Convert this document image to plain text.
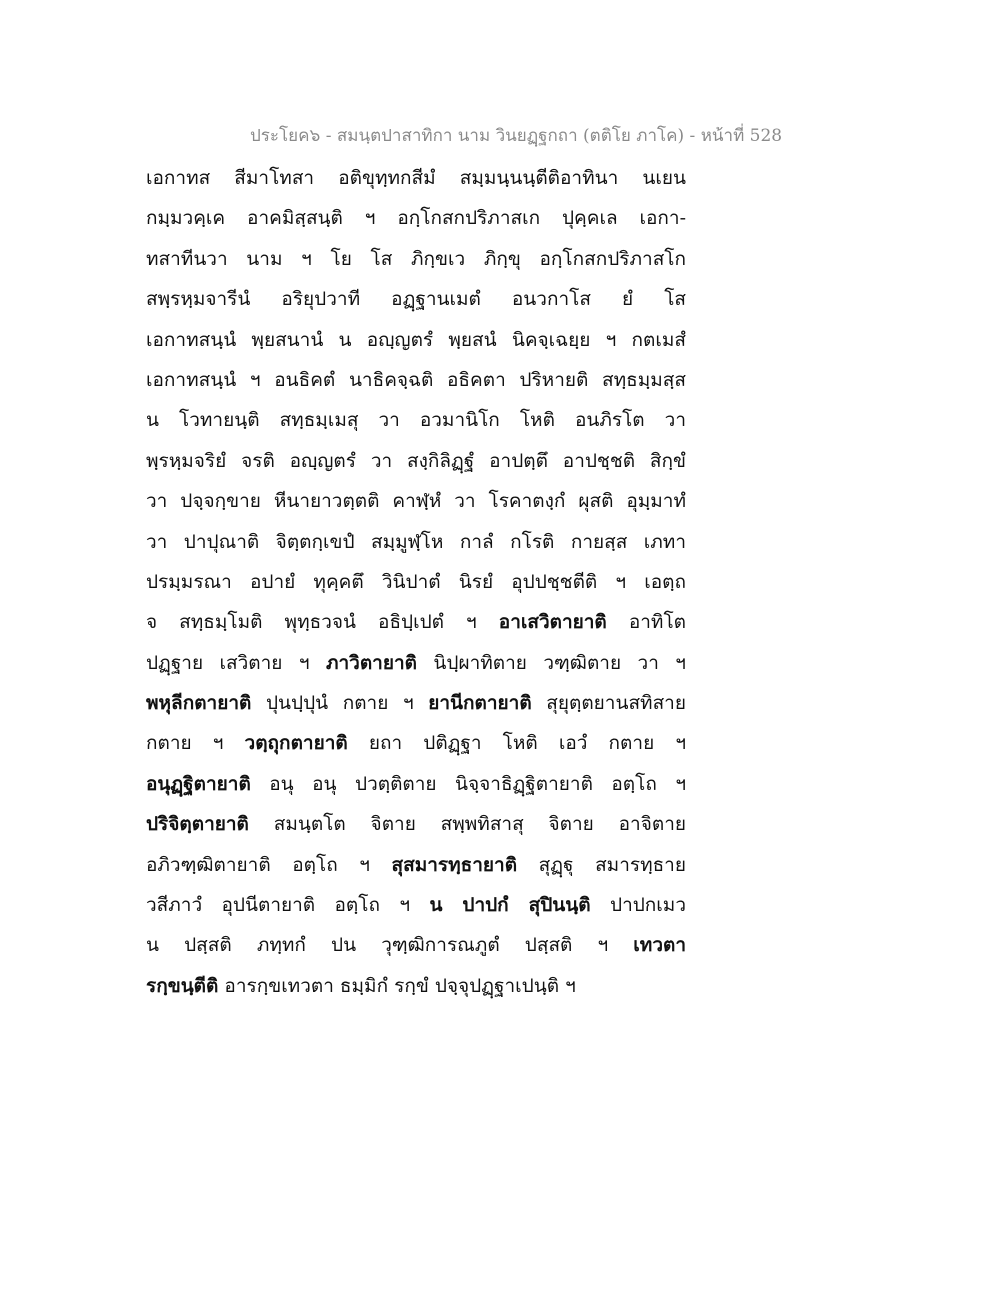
ประโยค๖ - สมนฺตปาสาทิกา นาม วินยฏฺฐกถา (ตติโย ภาโค) - หน้าที่ 528
เอกาทส สีมาโทสา อติขุทฺทกสีมํ สมฺมนฺนนฺตีติอาทินา นเยน
กมฺมวคฺเค อาคมิสฺสนฺติ ฯ อกฺโกสกปริภาสเก ปุคฺคเล เอกา-
ทสาทีนวา นาม ฯ โย โส ภิกฺขเว ภิกฺขุ อกฺโกสกปริภาสโก
สพฺรหฺมจารีนํ อริยุปวาที อฏฺฐานเมตํ อนวกาโส ยํ โส
เอกาทสนฺนํ พฺยสนานํ น อญฺญตรํ พฺยสนํ นิคจฺเฉยฺย ฯ กตเมสํ
เอกาทสนฺนํ ฯ อนธิคตํ นาธิคจฺฉติ อธิคตา ปริหายติ สทฺธมฺมสฺส
น โวทายนฺติ สทฺธมฺเมสุ วา อวมานิโก โหติ อนภิรโต วา
พฺรหฺมจริยํ จรติ อญฺญตรํ วา สงฺกิลิฏฺฐํ อาปตฺตึ อาปชฺชติ สิกฺขํ
วา ปจฺจกฺขาย หีนายาวตฺตติ คาฬฺหํ วา โรคาตงฺกํ ผุสติ อุมฺมาทํ
วา ปาปุณาติ จิตฺตกฺเขปํ สมฺมูฬฺโห กาลํ กโรติ กายสฺส เภทา
ปรมฺมรณา อปายํ ทุคฺคตึ วินิปาตํ นิรยํ อุปปชฺชตีติ ฯ เอตฺถ
จ สทฺธมฺโมติ พุทฺธวจนํ อธิปฺเปตํ ฯ อาเสวิตายาติ อาทิโต
ปฏฺฐาย เสวิตาย ฯ ภาวิตายาติ นิปฺผาทิตาย วฑฺฒิตาย วา ฯ
พหุลีกตายาติ ปุนปฺปุนํ กตาย ฯ ยานีกตายาติ สุยุตฺตยานสทิสาย
กตาย ฯ วตฺถุกตายาติ ยถา ปติฏฺฐา โหติ เอวํ กตาย ฯ
อนุฏฺฐิตายาติ อนุ อนุ ปวตฺติตาย นิจฺจาธิฏฺฐิตายาติ อตฺโถ ฯ
ปริจิตฺตายาติ สมนฺตโต จิตาย สพฺพทิสาสุ จิตาย อาจิตาย
อภิวฑฺฒิตายาติ อตฺโถ ฯ สุสมารทฺธายาติ สุฏฺฐุ สมารทฺธาย
วสีภาวํ อุปนีตายาติ อตฺโถ ฯ น ปาปกํ สุปินนฺติ ปาปกเมว
น ปสฺสติ ภทฺทกํ ปน วุฑฺฒิการณภูตํ ปสฺสติ ฯ เทวตา
รกฺขนฺตีติ อารกฺขเทวตา ธมฺมิกํ รกฺขํ ปจฺจุปฏฺฐาเปนฺติ ฯ
